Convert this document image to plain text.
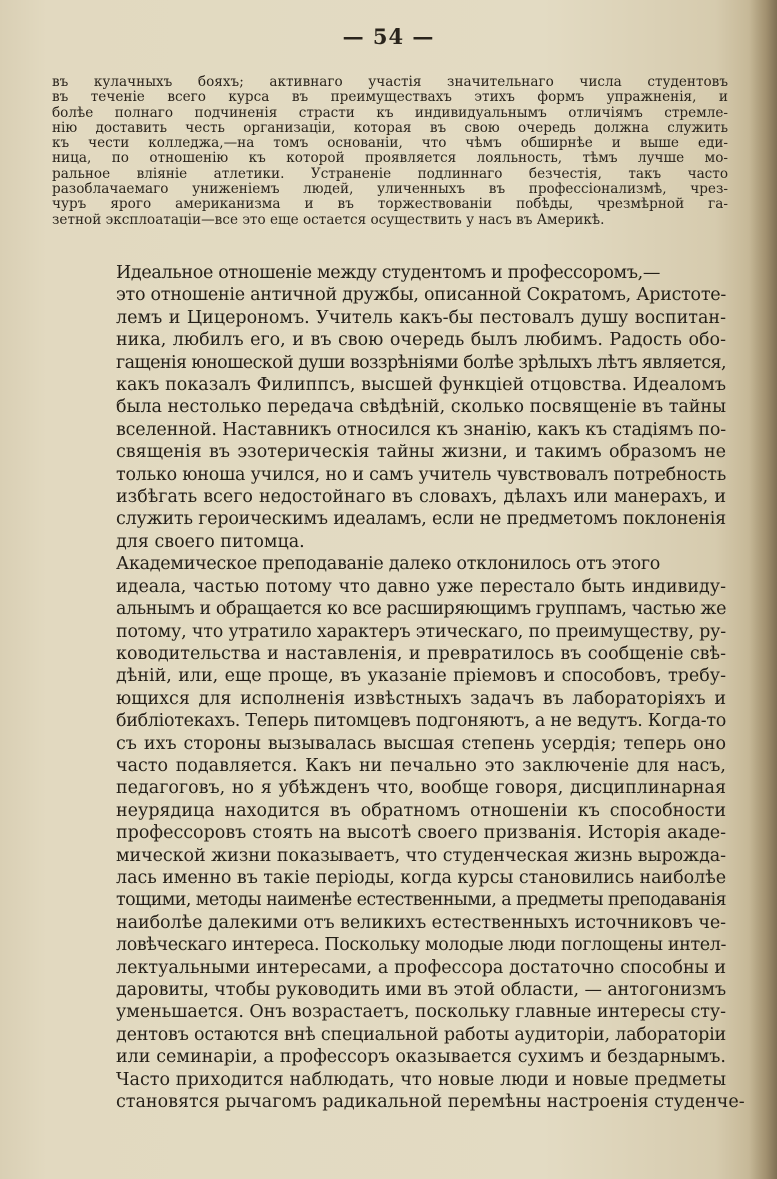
— 54 —
въ кулачныхъ бояхъ; активнаго участія значительнаго числа студентовъ
въ теченіе всего курса въ преимуществахъ этихъ формъ упражненія, и
болѣе полнаго подчиненія страсти къ индивидуальнымъ отличіямъ стремле-
нію доставить честь организаціи, которая въ свою очередь должна служить
къ чести колледжа,—на томъ основаніи, что чѣмъ обширнѣе и выше еди-
ница, по отношенію къ которой проявляется лояльность, тѣмъ лучше мо-
ральное вліяніе атлетики. Устраненіе подлиннаго безчестія, такъ часто
разоблачаемаго униженіемъ людей, уличенныхъ въ профессіонализмѣ, чрез-
чуръ ярого американизма и въ торжествованіи побѣды, чрезмѣрной га-
зетной эксплоатаціи—все это еще остается осуществить у насъ въ Америкѣ.

Идеальное отношеніе между студентомъ и профессоромъ,—
это отношеніе античной дружбы, описанной Сократомъ, Аристоте-
лемъ и Цицерономъ. Учитель какъ-бы пестовалъ душу воспитан-
ника, любилъ его, и въ свою очередь былъ любимъ. Радость обо-
гащенія юношеской души воззрѣніями болѣе зрѣлыхъ лѣтъ является,
какъ показалъ Филиппсъ, высшей функціей отцовства. Идеаломъ
была нестолько передача свѣдѣній, сколько посвященіе въ тайны
вселенной. Наставникъ относился къ знанію, какъ къ стадіямъ по-
священія въ эзотерическія тайны жизни, и такимъ образомъ не
только юноша учился, но и самъ учитель чувствовалъ потребность
избѣгать всего недостойнаго въ словахъ, дѣлахъ или манерахъ, и
служить героическимъ идеаламъ, если не предметомъ поклоненія
для своего питомца.

Академическое преподаваніе далеко отклонилось отъ этого
идеала, частью потому что давно уже перестало быть индивиду-
альнымъ и обращается ко все расширяющимъ группамъ, частью же
потому, что утратило характеръ этическаго, по преимуществу, ру-
ководительства и наставленія, и превратилось въ сообщеніе свѣ-
дѣній, или, еще проще, въ указаніе пріемовъ и способовъ, требу-
ющихся для исполненія извѣстныхъ задачъ въ лабораторіяхъ и
библіотекахъ. Теперь питомцевъ подгоняютъ, а не ведутъ. Когда-то
съ ихъ стороны вызывалась высшая степень усердія; теперь оно
часто подавляется. Какъ ни печально это заключеніе для насъ,
педагоговъ, но я убѣжденъ что, вообще говоря, дисциплинарная
неурядица находится въ обратномъ отношеніи къ способности
профессоровъ стоять на высотѣ своего призванія. Исторія акаде-
мической жизни показываетъ, что студенческая жизнь вырожда-
лась именно въ такіе періоды, когда курсы становились наиболѣе
тощими, методы наименѣе естественными, а предметы преподаванія
наиболѣе далекими отъ великихъ естественныхъ источниковъ че-
ловѣческаго интереса. Поскольку молодые люди поглощены интел-
лектуальными интересами, а профессора достаточно способны и
даровиты, чтобы руководить ими въ этой области, — антогонизмъ
уменьшается. Онъ возрастаетъ, поскольку главные интересы сту-
дентовъ остаются внѣ специальной работы аудиторіи, лабораторіи
или семинаріи, а профессоръ оказывается сухимъ и бездарнымъ.
Часто приходится наблюдать, что новые люди и новые предметы
становятся рычагомъ радикальной перемѣны настроенія студенче-
